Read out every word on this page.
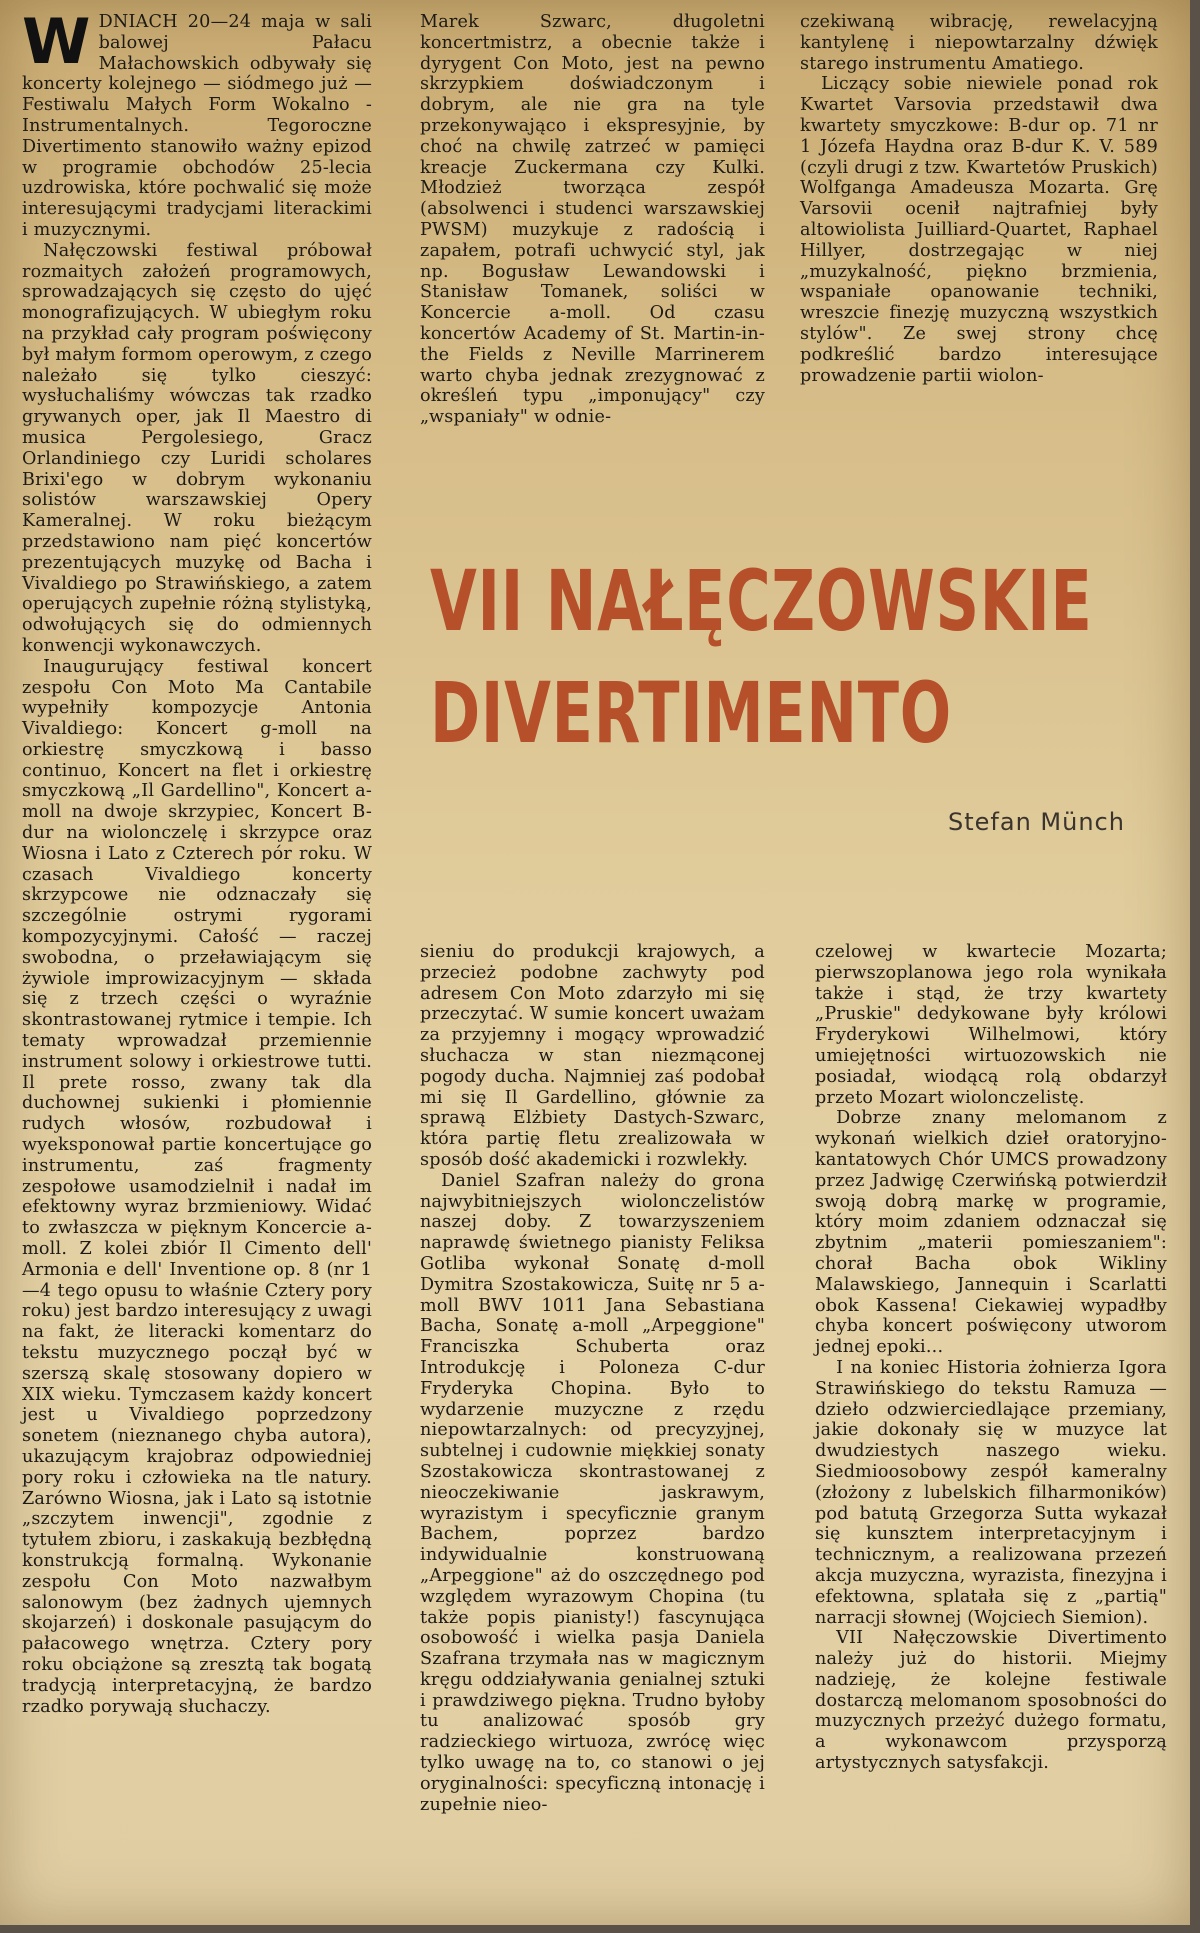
WDNIACH 20—24 maja w sali balowej Pałacu Małachowskich odbywały się koncerty kolejnego — siódmego już — Festiwalu Małych Form Wokalno - Instrumentalnych. Tegoroczne Divertimento stanowiło ważny epizod w programie obchodów 25-lecia uzdrowiska, które pochwalić się może interesującymi tradycjami literackimi i muzycznymi.

Nałęczowski festiwal próbował rozmaitych założeń programowych, sprowadzających się często do ujęć monografizujących. W ubiegłym roku na przykład cały program poświęcony był małym formom operowym, z czego należało się tylko cieszyć: wysłuchaliśmy wówczas tak rzadko grywanych oper, jak Il Maestro di musica Pergolesiego, Gracz Orlandiniego czy Luridi scholares Brixi'ego w dobrym wykonaniu solistów warszawskiej Opery Kameralnej. W roku bieżącym przedstawiono nam pięć koncertów prezentujących muzykę od Bacha i Vivaldiego po Strawińskiego, a zatem operujących zupełnie różną stylistyką, odwołujących się do odmiennych konwencji wykonawczych.

Inaugurujący festiwal koncert zespołu Con Moto Ma Cantabile wypełniły kompozycje Antonia Vivaldiego: Koncert g-moll na orkiestrę smyczkową i basso continuo, Koncert na flet i orkiestrę smyczkową „Il Gardellino", Koncert a-moll na dwoje skrzypiec, Koncert B-dur na wiolonczelę i skrzypce oraz Wiosna i Lato z Czterech pór roku. W czasach Vivaldiego koncerty skrzypcowe nie odznaczały się szczególnie ostrymi rygorami kompozycyjnymi. Całość — raczej swobodna, o przeławiającym się żywiole improwizacyjnym — składa się z trzech części o wyraźnie skontrastowanej rytmice i tempie. Ich tematy wprowadzał przemiennie instrument solowy i orkiestrowe tutti. Il prete rosso, zwany tak dla duchownej sukienki i płomiennie rudych włosów, rozbudował i wyeksponował partie koncertujące go instrumentu, zaś fragmenty zespołowe usamodzielnił i nadał im efektowny wyraz brzmieniowy. Widać to zwłaszcza w pięknym Koncercie a-moll. Z kolei zbiór Il Cimento dell' Armonia e dell' Inventione op. 8 (nr 1—4 tego opusu to właśnie Cztery pory roku) jest bardzo interesujący z uwagi na fakt, że literacki komentarz do tekstu muzycznego począł być w szerszą skalę stosowany dopiero w XIX wieku. Tymczasem każdy koncert jest u Vivaldiego poprzedzony sonetem (nieznanego chyba autora), ukazującym krajobraz odpowiedniej pory roku i człowieka na tle natury. Zarówno Wiosna, jak i Lato są istotnie „szczytem inwencji", zgodnie z tytułem zbioru, i zaskakują bezbłędną konstrukcją formalną. Wykonanie zespołu Con Moto nazwałbym salonowym (bez żadnych ujemnych skojarzeń) i doskonale pasującym do pałacowego wnętrza. Cztery pory roku obciążone są zresztą tak bogatą tradycją interpretacyjną, że bardzo rzadko porywają słuchaczy.

Marek Szwarc, długoletni koncertmistrz, a obecnie także i dyrygent Con Moto, jest na pewno skrzypkiem doświadczonym i dobrym, ale nie gra na tyle przekonywająco i ekspresyjnie, by choć na chwilę zatrzeć w pamięci kreacje Zuckermana czy Kulki. Młodzież tworząca zespół (absolwenci i studenci warszawskiej PWSM) muzykuje z radością i zapałem, potrafi uchwycić styl, jak np. Bogusław Lewandowski i Stanisław Tomanek, soliści w Koncercie a-moll. Od czasu koncertów Academy of St. Martin-in-the Fields z Neville Marrinerem warto chyba jednak zrezygnować z określeń typu „imponujący" czy „wspaniały" w odnie-

czekiwaną wibrację, rewelacyjną kantylenę i niepowtarzalny dźwięk starego instrumentu Amatiego.

Liczący sobie niewiele ponad rok Kwartet Varsovia przedstawił dwa kwartety smyczkowe: B-dur op. 71 nr 1 Józefa Haydna oraz B-dur K. V. 589 (czyli drugi z tzw. Kwartetów Pruskich) Wolfganga Amadeusza Mozarta. Grę Varsovii ocenił najtrafniej były altowiolista Juilliard-Quartet, Raphael Hillyer, dostrzegając w niej „muzykalność, piękno brzmienia, wspaniałe opanowanie techniki, wreszcie finezję muzyczną wszystkich stylów". Ze swej strony chcę podkreślić bardzo interesujące prowadzenie partii wiolon-

VII NAŁĘCZOWSKIE

DIVERTIMENTO

Stefan Münch

sieniu do produkcji krajowych, a przecież podobne zachwyty pod adresem Con Moto zdarzyło mi się przeczytać. W sumie koncert uważam za przyjemny i mogący wprowadzić słuchacza w stan niezmąconej pogody ducha. Najmniej zaś podobał mi się Il Gardellino, głównie za sprawą Elżbiety Dastych-Szwarc, która partię fletu zrealizowała w sposób dość akademicki i rozwlekły.

Daniel Szafran należy do grona najwybitniejszych wiolonczelistów naszej doby. Z towarzyszeniem naprawdę świetnego pianisty Feliksa Gotliba wykonał Sonatę d-moll Dymitra Szostakowicza, Suitę nr 5 a-moll BWV 1011 Jana Sebastiana Bacha, Sonatę a-moll „Arpeggione" Franciszka Schuberta oraz Introdukcję i Poloneza C-dur Fryderyka Chopina. Było to wydarzenie muzyczne z rzędu niepowtarzalnych: od precyzyjnej, subtelnej i cudownie miękkiej sonaty Szostakowicza skontrastowanej z nieoczekiwanie jaskrawym, wyrazistym i specyficznie granym Bachem, poprzez bardzo indywidualnie konstruowaną „Arpeggione" aż do oszczędnego pod względem wyrazowym Chopina (tu także popis pianisty!) fascynująca osobowość i wielka pasja Daniela Szafrana trzymała nas w magicznym kręgu oddziaływania genialnej sztuki i prawdziwego piękna. Trudno byłoby tu analizować sposób gry radzieckiego wirtuoza, zwrócę więc tylko uwagę na to, co stanowi o jej oryginalności: specyficzną intonację i zupełnie nieo-

czelowej w kwartecie Mozarta; pierwszoplanowa jego rola wynikała także i stąd, że trzy kwartety „Pruskie" dedykowane były królowi Fryderykowi Wilhelmowi, który umiejętności wirtuozowskich nie posiadał, wiodącą rolą obdarzył przeto Mozart wiolonczelistę.

Dobrze znany melomanom z wykonań wielkich dzieł oratoryjno-kantatowych Chór UMCS prowadzony przez Jadwigę Czerwińską potwierdził swoją dobrą markę w programie, który moim zdaniem odznaczał się zbytnim „materii pomieszaniem": chorał Bacha obok Wikliny Malawskiego, Jannequin i Scarlatti obok Kassena! Ciekawiej wypadłby chyba koncert poświęcony utworom jednej epoki...

I na koniec Historia żołnierza Igora Strawińskiego do tekstu Ramuza — dzieło odzwierciedlające przemiany, jakie dokonały się w muzyce lat dwudziestych naszego wieku. Siedmioosobowy zespół kameralny (złożony z lubelskich filharmoników) pod batutą Grzegorza Sutta wykazał się kunsztem interpretacyjnym i technicznym, a realizowana przezeń akcja muzyczna, wyrazista, finezyjna i efektowna, splatała się z „partią" narracji słownej (Wojciech Siemion).

VII Nałęczowskie Divertimento należy już do historii. Miejmy nadzieję, że kolejne festiwale dostarczą melomanom sposobności do muzycznych przeżyć dużego formatu, a wykonawcom przysporzą artystycznych satysfakcji.
